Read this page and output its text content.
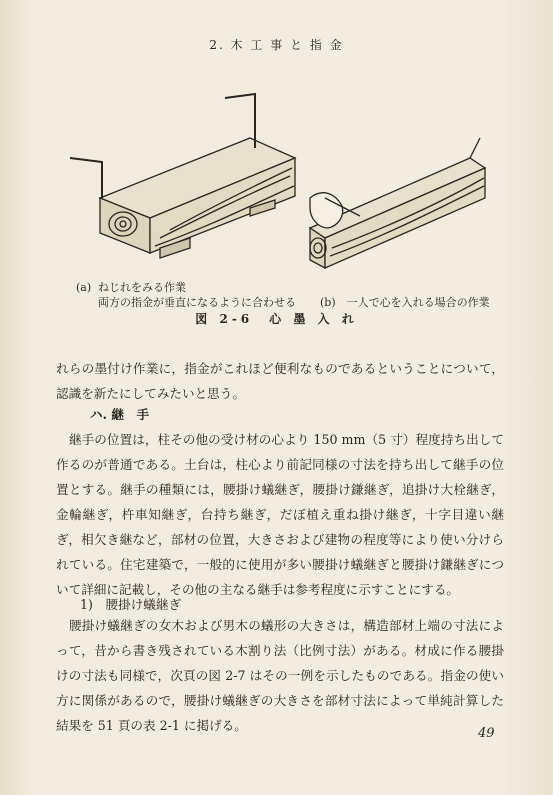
2. 木 工 事 と 指 金
(a) ねじれをみる作業
両方の指金が垂直になるように合わせる (b)　一人で心を入れる場合の作業
図 2-6　心 墨 入 れ
れらの墨付け作業に，指金がこれほど便利なものであるということについて，認識を新たにしてみたいと思う。
ハ. 継　手
継手の位置は，柱その他の受け材の心より 150 mm（5 寸）程度持ち出して作るのが普通である。土台は，柱心より前記同様の寸法を持ち出して継手の位置とする。継手の種類には，腰掛け蟻継ぎ，腰掛け鎌継ぎ，追掛け大栓継ぎ，金輪継ぎ，杵車知継ぎ，台持ち継ぎ，だぼ植え重ね掛け継ぎ，十字目違い継ぎ，相欠き継など，部材の位置，大きさおよび建物の程度等により使い分けられている。住宅建築で，一般的に使用が多い腰掛け蟻継ぎと腰掛け鎌継ぎについて詳細に記載し，その他の主なる継手は参考程度に示すことにする。
1)　腰掛け蟻継ぎ
腰掛け蟻継ぎの女木および男木の蟻形の大きさは，構造部材上端の寸法によって，昔から書き残されている木割り法（比例寸法）がある。材成に作る腰掛けの寸法も同様で，次頁の図 2-7 はその一例を示したものである。指金の使い方に関係があるので，腰掛け蟻継ぎの大きさを部材寸法によって単純計算した結果を 51 頁の表 2-1 に掲げる。
49
